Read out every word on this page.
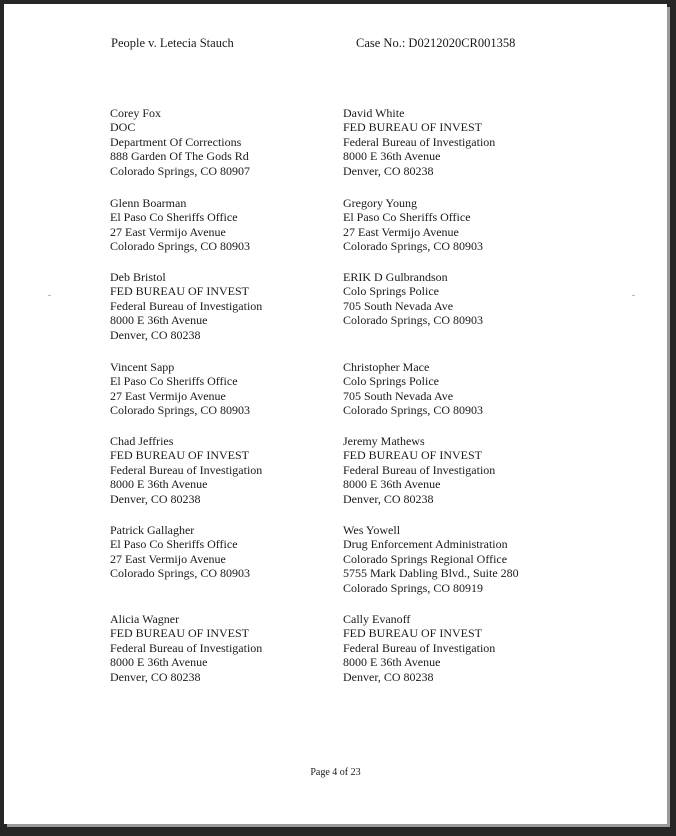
People v. Letecia Stauch	Case No.: D0212020CR001358
Corey Fox
DOC
Department Of Corrections
888 Garden Of The Gods Rd
Colorado Springs, CO 80907
Glenn Boarman
El Paso Co Sheriffs Office
27 East Vermijo Avenue
Colorado Springs, CO 80903
Deb Bristol
FED BUREAU OF INVEST
Federal Bureau of Investigation
8000 E 36th Avenue
Denver, CO 80238
Vincent Sapp
El Paso Co Sheriffs Office
27 East Vermijo Avenue
Colorado Springs, CO 80903
Chad Jeffries
FED BUREAU OF INVEST
Federal Bureau of Investigation
8000 E 36th Avenue
Denver, CO 80238
Patrick Gallagher
El Paso Co Sheriffs Office
27 East Vermijo Avenue
Colorado Springs, CO 80903
Alicia Wagner
FED BUREAU OF INVEST
Federal Bureau of Investigation
8000 E 36th Avenue
Denver, CO 80238
David White
FED BUREAU OF INVEST
Federal Bureau of Investigation
8000 E 36th Avenue
Denver, CO 80238
Gregory Young
El Paso Co Sheriffs Office
27 East Vermijo Avenue
Colorado Springs, CO 80903
ERIK D Gulbrandson
Colo Springs Police
705 South Nevada Ave
Colorado Springs, CO 80903
Christopher Mace
Colo Springs Police
705 South Nevada Ave
Colorado Springs, CO 80903
Jeremy Mathews
FED BUREAU OF INVEST
Federal Bureau of Investigation
8000 E 36th Avenue
Denver, CO 80238
Wes Yowell
Drug Enforcement Administration
Colorado Springs Regional Office
5755 Mark Dabling Blvd., Suite 280
Colorado Springs, CO 80919
Cally Evanoff
FED BUREAU OF INVEST
Federal Bureau of Investigation
8000 E 36th Avenue
Denver, CO 80238
Page 4 of 23
